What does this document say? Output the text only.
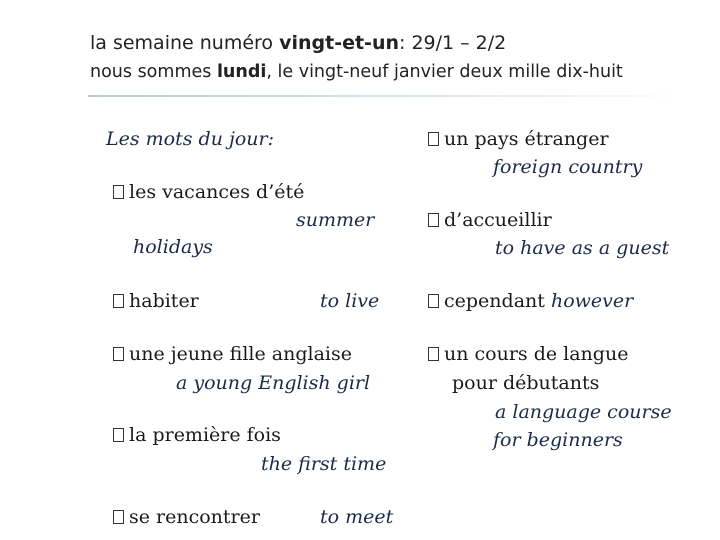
la semaine numéro vingt-et-un: 29/1 – 2/2
nous sommes lundi, le vingt-neuf janvier deux mille dix-huit
Les mots du jour:
les vacances d’été
summer
holidays
habiter	to live
une jeune fille anglaise
a young English girl
la première fois
the first time
se rencontrer	to meet
un pays étranger
foreign country
d’accueillir
to have as a guest
cependant however
un cours de langue
pour débutants
a language course
for beginners
